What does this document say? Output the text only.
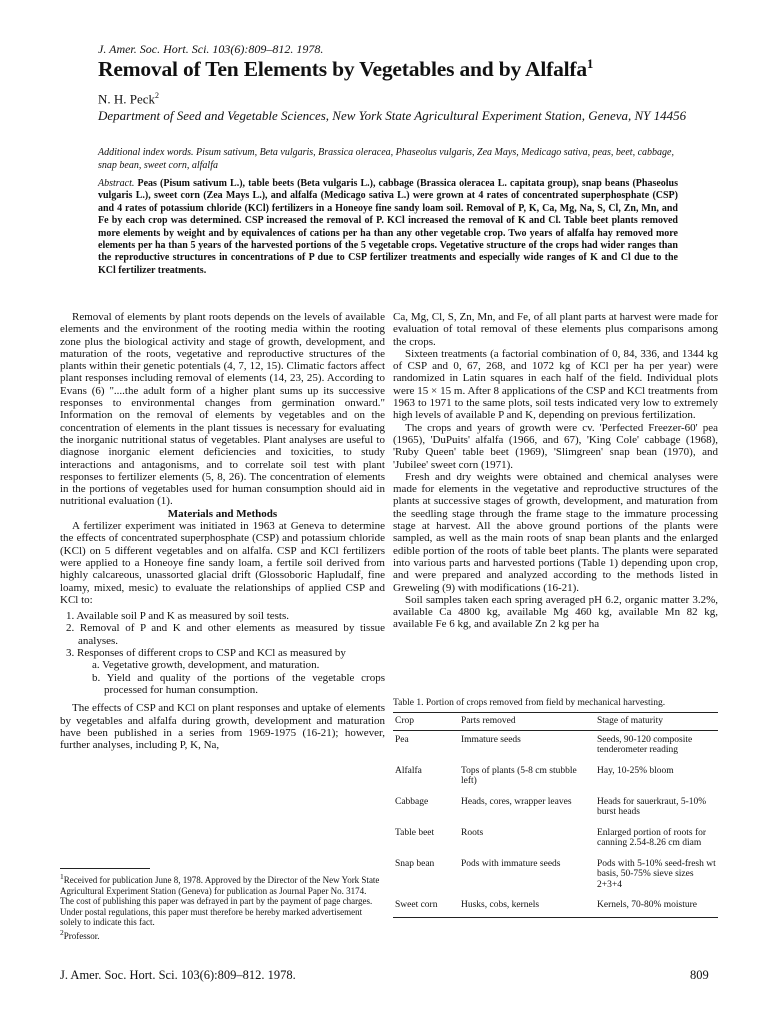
J. Amer. Soc. Hort. Sci. 103(6):809–812. 1978.
Removal of Ten Elements by Vegetables and by Alfalfa$^1$
N. H. Peck$^2$
Department of Seed and Vegetable Sciences, New York State Agricultural Experiment Station, Geneva, NY 14456
Additional index words. Pisum sativum, Beta vulgaris, Brassica oleracea, Phaseolus vulgaris, Zea Mays, Medicago sativa, peas, beet, cabbage, snap bean, sweet corn, alfalfa
Abstract. Peas (Pisum sativum L.), table beets (Beta vulgaris L.), cabbage (Brassica oleracea L. capitata group), snap beans (Phaseolus vulgaris L.), sweet corn (Zea Mays L.), and alfalfa (Medicago sativa L.) were grown at 4 rates of concentrated superphosphate (CSP) and 4 rates of potassium chloride (KCl) fertilizers in a Honeoye fine sandy loam soil. Removal of P, K, Ca, Mg, Na, S, Cl, Zn, Mn, and Fe by each crop was determined. CSP increased the removal of P. KCl increased the removal of K and Cl. Table beet plants removed more elements by weight and by equivalences of cations per ha than any other vegetable crop. Two years of alfalfa hay removed more elements per ha than 5 years of the harvested portions of the 5 vegetable crops. Vegetative structure of the crops had wider ranges than the reproductive structures in concentrations of P due to CSP fertilizer treatments and especially wide ranges of K and Cl due to the KCl fertilizer treatments.

Removal of elements by plant roots depends on the levels of available elements and the environment of the rooting media within the rooting zone plus the biological activity and stage of growth, development, and maturation of the roots, vegetative and reproductive structures of the plants within their genetic potentials (4, 7, 12, 15). Climatic factors affect plant responses including removal of elements (14, 23, 25). According to Evans (6) "....the adult form of a higher plant sums up its successive responses to environmental changes from germination onward." Information on the removal of elements by vegetables and on the concentration of elements in the plant tissues is necessary for evaluating the inorganic nutritional status of vegetables. Plant analyses are useful to diagnose inorganic element deficiencies and toxicities, to study interactions and antagonisms, and to correlate soil test with plant responses to fertilizer elements (5, 8, 26). The concentration of elements in the portions of vegetables used for human consumption should aid in nutritional evaluation (1).

Materials and Methods

A fertilizer experiment was initiated in 1963 at Geneva to determine the effects of concentrated superphosphate (CSP) and potassium chloride (KCl) on 5 different vegetables and on alfalfa. CSP and KCl fertilizers were applied to a Honeoye fine sandy loam, a fertile soil derived from highly calcareous, unassorted glacial drift (Glossoboric Hapludalf, fine loamy, mixed, mesic) to evaluate the relationships of applied CSP and KCl to:

1. Available soil P and K as measured by soil tests.
2. Removal of P and K and other elements as measured by tissue analyses.
3. Responses of different crops to CSP and KCl as measured by
a. Vegetative growth, development, and maturation.
b. Yield and quality of the portions of the vegetable crops processed for human consumption.

The effects of CSP and KCl on plant responses and uptake of elements by vegetables and alfalfa during growth, development and maturation have been published in a series from 1969-1975 (16-21); however, further analyses, including P, K, Na,

$^1$Received for publication June 8, 1978. Approved by the Director of the New York State Agricultural Experiment Station (Geneva) for publication as Journal Paper No. 3174.

The cost of publishing this paper was defrayed in part by the payment of page charges. Under postal regulations, this paper must therefore be hereby marked advertisement solely to indicate this fact.

$^2$Professor.

Ca, Mg, Cl, S, Zn, Mn, and Fe, of all plant parts at harvest were made for evaluation of total removal of these elements plus comparisons among the crops.

Sixteen treatments (a factorial combination of 0, 84, 336, and 1344 kg of CSP and 0, 67, 268, and 1072 kg of KCl per ha per year) were randomized in Latin squares in each half of the field. Individual plots were 15 × 15 m. After 8 applications of the CSP and KCl treatments from 1963 to 1971 to the same plots, soil tests indicated very low to extremely high levels of available P and K, depending on previous fertilization.

The crops and years of growth were cv. 'Perfected Freezer-60' pea (1965), 'DuPuits' alfalfa (1966, and 67), 'King Cole' cabbage (1968), 'Ruby Queen' table beet (1969), 'Slimgreen' snap bean (1970), and 'Jubilee' sweet corn (1971).

Fresh and dry weights were obtained and chemical analyses were made for elements in the vegetative and reproductive structures of the plants at successive stages of growth, development, and maturation from the seedling stage through the frame stage to the immature processing stage at harvest. All the above ground portions of the plants were sampled, as well as the main roots of snap bean plants and the enlarged edible portion of the roots of table beet plants. The plants were separated into various parts and harvested portions (Table 1) depending upon crop, and were prepared and analyzed according to the methods listed in Greweling (9) with modifications (16-21).

Soil samples taken each spring averaged pH 6.2, organic matter 3.2%, available Ca 4800 kg, available Mg 460 kg, available Mn 82 kg, available Fe 6 kg, and available Zn 2 kg per ha

Table 1. Portion of crops removed from field by mechanical harvesting.
Crop	Parts removed	Stage of maturity
Pea	Immature seeds	Seeds, 90-120 composite tenderometer reading
Alfalfa	Tops of plants (5-8 cm stubble left)	Hay, 10-25% bloom
Cabbage	Heads, cores, wrapper leaves	Heads for sauerkraut, 5-10% burst heads
Table beet	Roots	Enlarged portion of roots for canning 2.54-8.26 cm diam
Snap bean	Pods with immature seeds	Pods with 5-10% seed-fresh wt basis, 50-75% sieve sizes 2+3+4
Sweet corn	Husks, cobs, kernels	Kernels, 70-80% moisture
J. Amer. Soc. Hort. Sci. 103(6):809–812. 1978.	809
